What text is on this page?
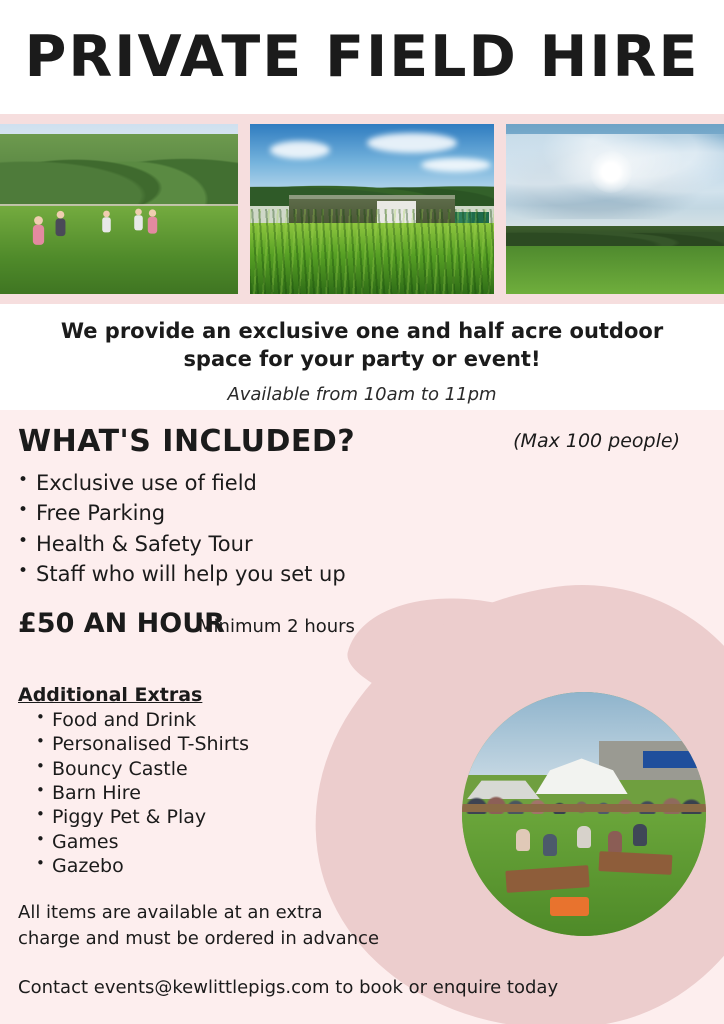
PRIVATE FIELD HIRE
We provide an exclusive one and half acre outdoor
space for your party or event!
Available from 10am to 11pm
WHAT'S INCLUDED?	(Max 100 people)
• Exclusive use of field
• Free Parking
• Health & Safety Tour
• Staff who will help you set up
£50 AN HOUR
Minimum 2 hours
Additional Extras
• Food and Drink
• Personalised T-Shirts
• Bouncy Castle
• Barn Hire
• Piggy Pet & Play
• Games
• Gazebo
All items are available at an extra
charge and must be ordered in advance
Contact events@kewlittlepigs.com to book or enquire today
